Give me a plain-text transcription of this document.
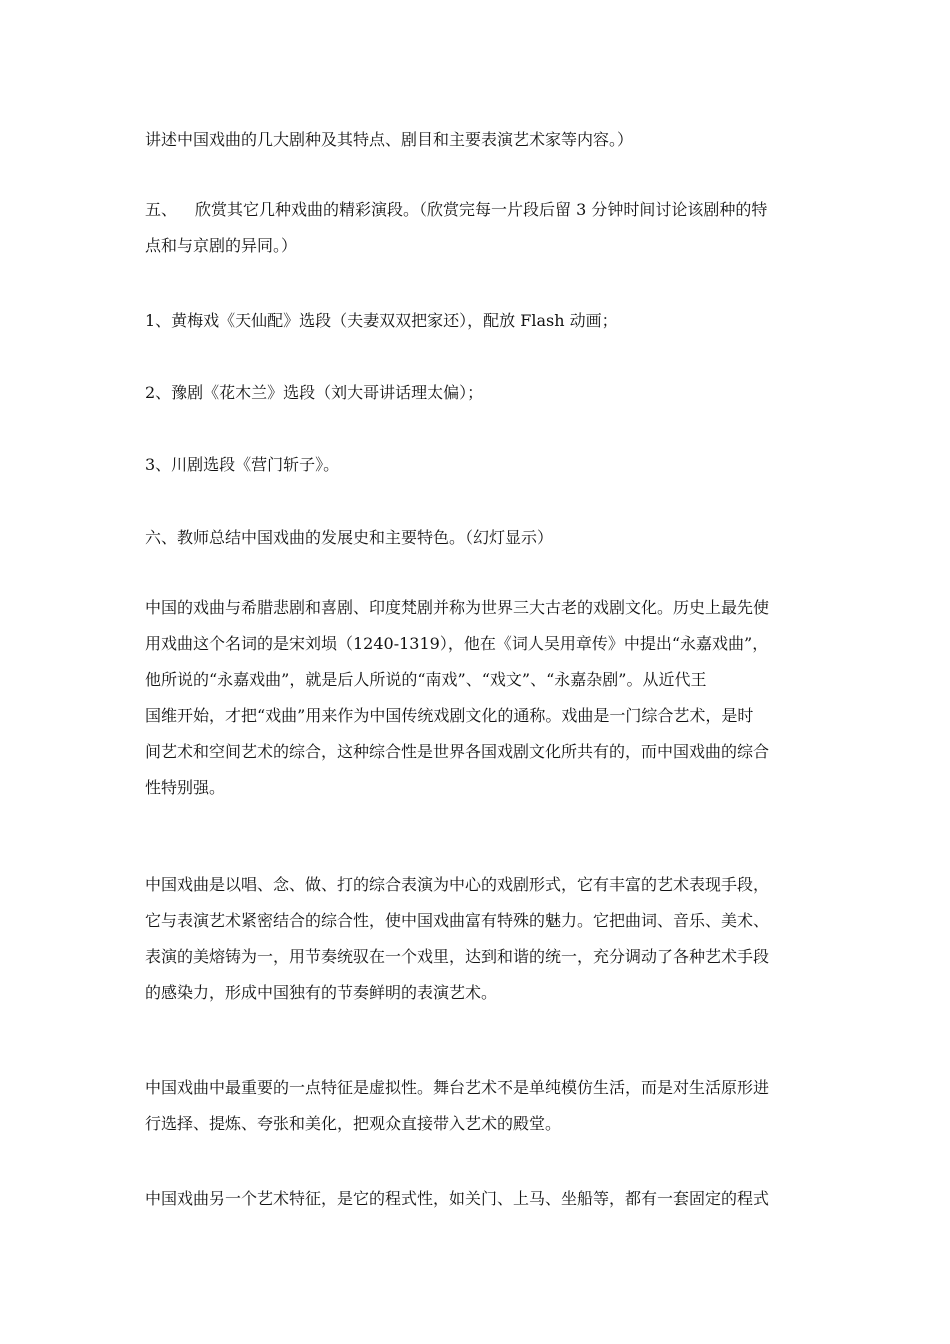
讲述中国戏曲的几大剧种及其特点、剧目和主要表演艺术家等内容。）

五、 欣赏其它几种戏曲的精彩演段。（欣赏完每一片段后留 3 分钟时间讨论该剧种的特
点和与京剧的异同。）

1、黄梅戏《天仙配》选段（夫妻双双把家还），配放 Flash 动画；

2、豫剧《花木兰》选段（刘大哥讲话理太偏）；

3、川剧选段《营门斩子》。

六、教师总结中国戏曲的发展史和主要特色。（幻灯显示）

中国的戏曲与希腊悲剧和喜剧、印度梵剧并称为世界三大古老的戏剧文化。历史上最先使
用戏曲这个名词的是宋刘埙（1240-1319），他在《词人吴用章传》中提出“永嘉戏曲”，
他所说的“永嘉戏曲”，就是后人所说的“南戏”、“戏文”、“永嘉杂剧”。从近代王
国维开始，才把“戏曲”用来作为中国传统戏剧文化的通称。戏曲是一门综合艺术，是时
间艺术和空间艺术的综合，这种综合性是世界各国戏剧文化所共有的，而中国戏曲的综合
性特别强。

中国戏曲是以唱、念、做、打的综合表演为中心的戏剧形式，它有丰富的艺术表现手段，
它与表演艺术紧密结合的综合性，使中国戏曲富有特殊的魅力。它把曲词、音乐、美术、
表演的美熔铸为一，用节奏统驭在一个戏里，达到和谐的统一，充分调动了各种艺术手段
的感染力，形成中国独有的节奏鲜明的表演艺术。

中国戏曲中最重要的一点特征是虚拟性。舞台艺术不是单纯模仿生活，而是对生活原形进
行选择、提炼、夸张和美化，把观众直接带入艺术的殿堂。

中国戏曲另一个艺术特征，是它的程式性，如关门、上马、坐船等，都有一套固定的程式
